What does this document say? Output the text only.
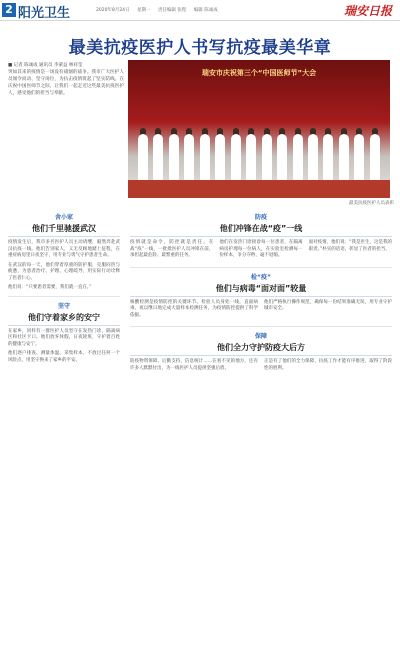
2 阳光卫生	2020年8月24日 星期一 责任编辑 张程 编辑 陈诚成	瑞安日报
最美抗疫医护人书写抗疫最美华章
■ 记者 陈诚成 通讯员 李蒙益 林祥莹
突如其来的疫情是一场没有硝烟的战争。我市广大医护人员闻令而动、坚守岗位，为抗击疫情筑起了坚实防线。在庆祝中国医师节之际，让我们一起走近这些最美抗疫医护人，感受他们的担当与奉献。
瑞安市庆祝第三个“中国医师节”大会
最美抗疫医护人员表彰
舍小家
他们千里驰援武汉

疫情发生后，我市多名医护人员主动请缨，毅然奔赴武汉抗疫一线。他们告别家人，义无反顾地踏上征程，在重症病房里日夜坚守，用专业与勇气守护患者生命。

在武汉的每一天，他们穿着厚重的防护服，克服闷热与疲惫，为患者治疗、护理、心理疏导，用实际行动诠释了医者仁心。

他们说：“只要患者需要，我们就一直在。”

坚守
他们守着家乡的安宁

在家乡，同样有一群医护人员坚守在发热门诊、隔离病区和社区卡口。他们放弃休假，日夜轮班，守护着百姓的健康与安宁。

他们逐户排查、测量体温、采集样本，不放过任何一个风险点，用坚守换来了家乡的平安。

防疫
他们冲锋在战“疫”一线

疫情就是命令，防控就是责任。在战“疫”一线，一批批医护人员冲锋在前，承担起最危险、最繁重的任务。

他们在发热门诊接诊每一位患者，在隔离病房护理每一位病人，在实验室检测每一份样本，争分夺秒，毫不退缩。

面对疫情，他们说：“我是医生，这是我的职责。”朴实的话语，彰显了医者的担当。

检“疫”
他们与病毒“面对面”较量

核酸检测是疫情防控的关键环节。检验人员身处一线，直面病毒，夜以继日地完成大量样本检测任务，为疫情防控提供了科学依据。

他们严格执行操作规范，确保每一份结果准确无误，用专业守护城市安全。

保障
他们全力守护防疫大后方

防疫物资保障、后勤支持、信息统计……在看不见的地方，还有许多人默默付出，为一线医护人员提供坚强后盾。

正是有了他们的全力保障，抗疫工作才能有序推进，取得了阶段性的胜利。
